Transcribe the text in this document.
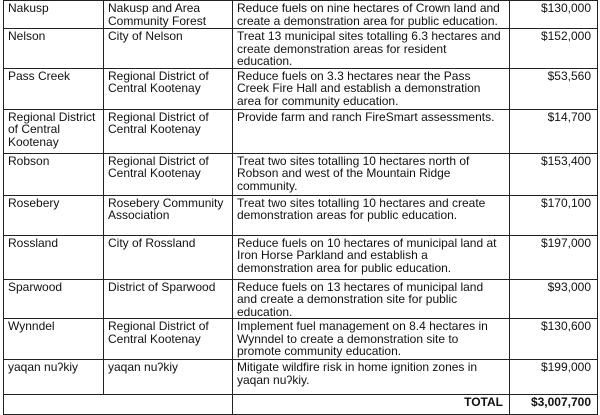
Nakusp	Nakusp and Area Community Forest	Reduce fuels on nine hectares of Crown land and create a demonstration area for public education.	$130,000
Nelson	City of Nelson	Treat 13 municipal sites totalling 6.3 hectares and create demonstration areas for resident education.	$152,000
Pass Creek	Regional District of Central Kootenay	Reduce fuels on 3.3 hectares near the Pass Creek Fire Hall and establish a demonstration area for community education.	$53,560
Regional District of Central Kootenay	Regional District of Central Kootenay	Provide farm and ranch FireSmart assessments.	$14,700
Robson	Regional District of Central Kootenay	Treat two sites totalling 10 hectares north of Robson and west of the Mountain Ridge community.	$153,400
Rosebery	Rosebery Community Association	Treat two sites totalling 10 hectares and create demonstration areas for public education.	$170,100
Rossland	City of Rossland	Reduce fuels on 10 hectares of municipal land at Iron Horse Parkland and establish a demonstration area for public education.	$197,000
Sparwood	District of Sparwood	Reduce fuels on 13 hectares of municipal land and create a demonstration site for public education.	$93,000
Wynndel	Regional District of Central Kootenay	Implement fuel management on 8.4 hectares in Wynndel to create a demonstration site to promote community education.	$130,600
yaqan nuʔkiy	yaqan nuʔkiy	Mitigate wildfire risk in home ignition zones in yaqan nuʔkiy.	$199,000
		TOTAL	$3,007,700
